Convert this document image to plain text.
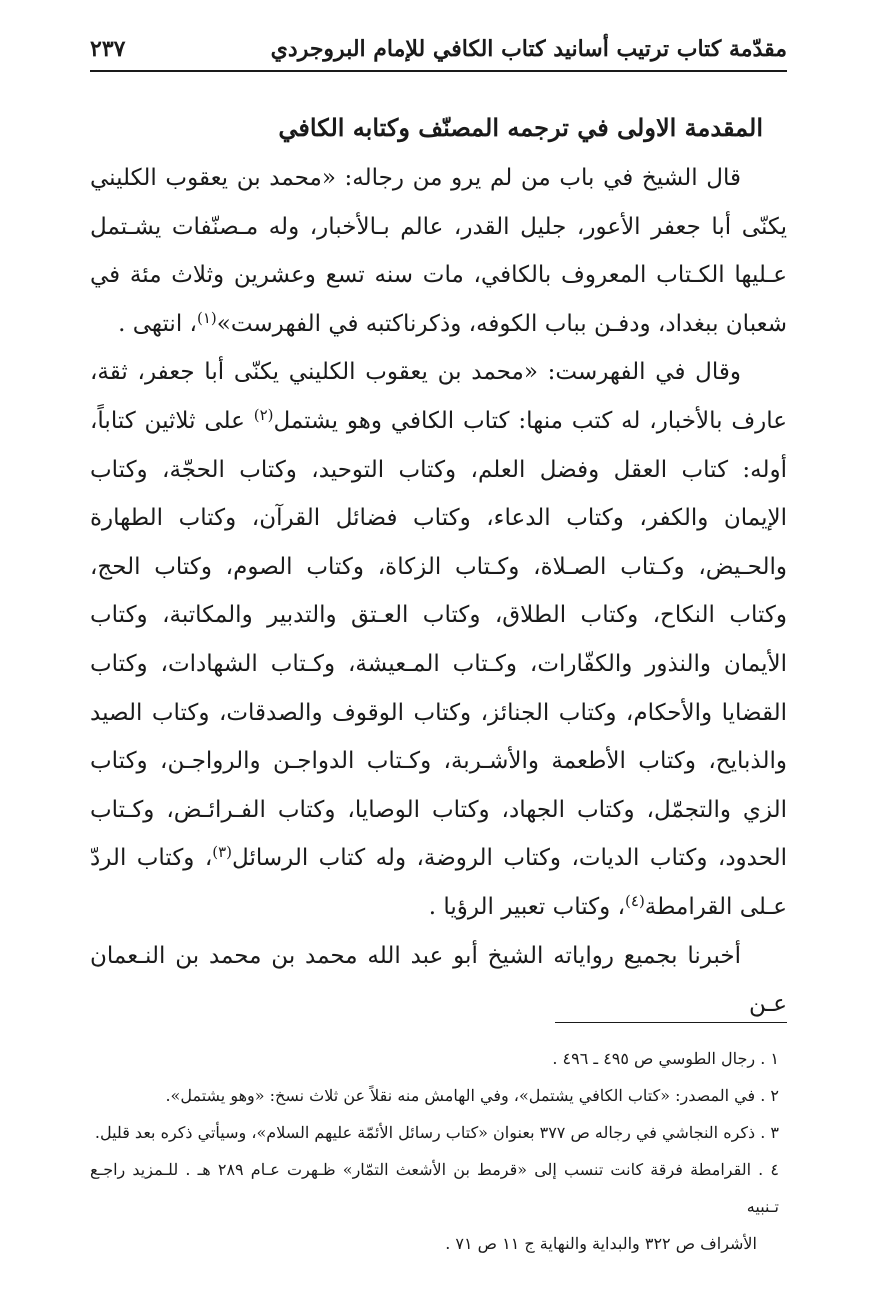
مقدّمة كتاب ترتيب أسانيد كتاب الكافي للإمام البروجردي
٢٣٧
المقدمة الاولى في ترجمه المصنّف وكتابه الكافي

قال الشيخ في باب من لم يرو من رجاله: «محمد بن يعقوب الكليني يكنّى أبا جعفر الأعور، جليل القدر، عالم بـالأخبار، وله مـصنّفات يشـتمل عـليها الكـتاب المعروف بالكافي، مات سنه تسع وعشرين وثلاث مئة في شعبان ببغداد، ودفـن بباب الكوفه، وذكرناكتبه في الفهرست»$^{(١)}$، انتهى .

وقال في الفهرست: «محمد بن يعقوب الكليني يكنّى أبا جعفر، ثقة، عارف بالأخبار، له كتب منها: كتاب الكافي وهو يشتمل$^{(٢)}$ على ثلاثين كتاباً، أوله: كتاب العقل وفضل العلم، وكتاب التوحيد، وكتاب الحجّة، وكتاب الإيمان والكفر، وكتاب الدعاء، وكتاب فضائل القرآن، وكتاب الطهارة والحـيض، وكـتاب الصـلاة، وكـتاب الزكاة، وكتاب الصوم، وكتاب الحج، وكتاب النكاح، وكتاب الطلاق، وكتاب العـتق والتدبير والمكاتبة، وكتاب الأيمان والنذور والكفّارات، وكـتاب المـعيشة، وكـتاب الشهادات، وكتاب القضايا والأحكام، وكتاب الجنائز، وكتاب الوقوف والصدقات، وكتاب الصيد والذبايح، وكتاب الأطعمة والأشـربة، وكـتاب الدواجـن والرواجـن، وكتاب الزي والتجمّل، وكتاب الجهاد، وكتاب الوصايا، وكتاب الفـرائـض، وكـتاب الحدود، وكتاب الديات، وكتاب الروضة، وله كتاب الرسائل$^{(٣)}$، وكتاب الردّ عـلى القرامطة$^{(٤)}$، وكتاب تعبير الرؤيا .

أخبرنا بجميع رواياته الشيخ أبو عبد الله محمد بن محمد بن النـعمان عـن

١ . رجال الطوسي ص ٤٩٥ ـ ٤٩٦ .

٢ . في المصدر: «كتاب الكافي يشتمل»، وفي الهامش منه نقلاً عن ثلاث نسخ: «وهو يشتمل».

٣ . ذكره النجاشي في رجاله ص ٣٧٧ بعنوان «كتاب رسائل الأئمّة عليهم السلام»، وسيأتي ذكره بعد قليل.

٤ . القرامطة فرقة كانت تنسب إلى «قرمط بن الأشعث التمّار» ظـهرت عـام ٢٨٩ هـ . للـمزيد راجـع تـنبيه
الأشراف ص ٣٢٢ والبداية والنهاية ج ١١ ص ٧١ .
